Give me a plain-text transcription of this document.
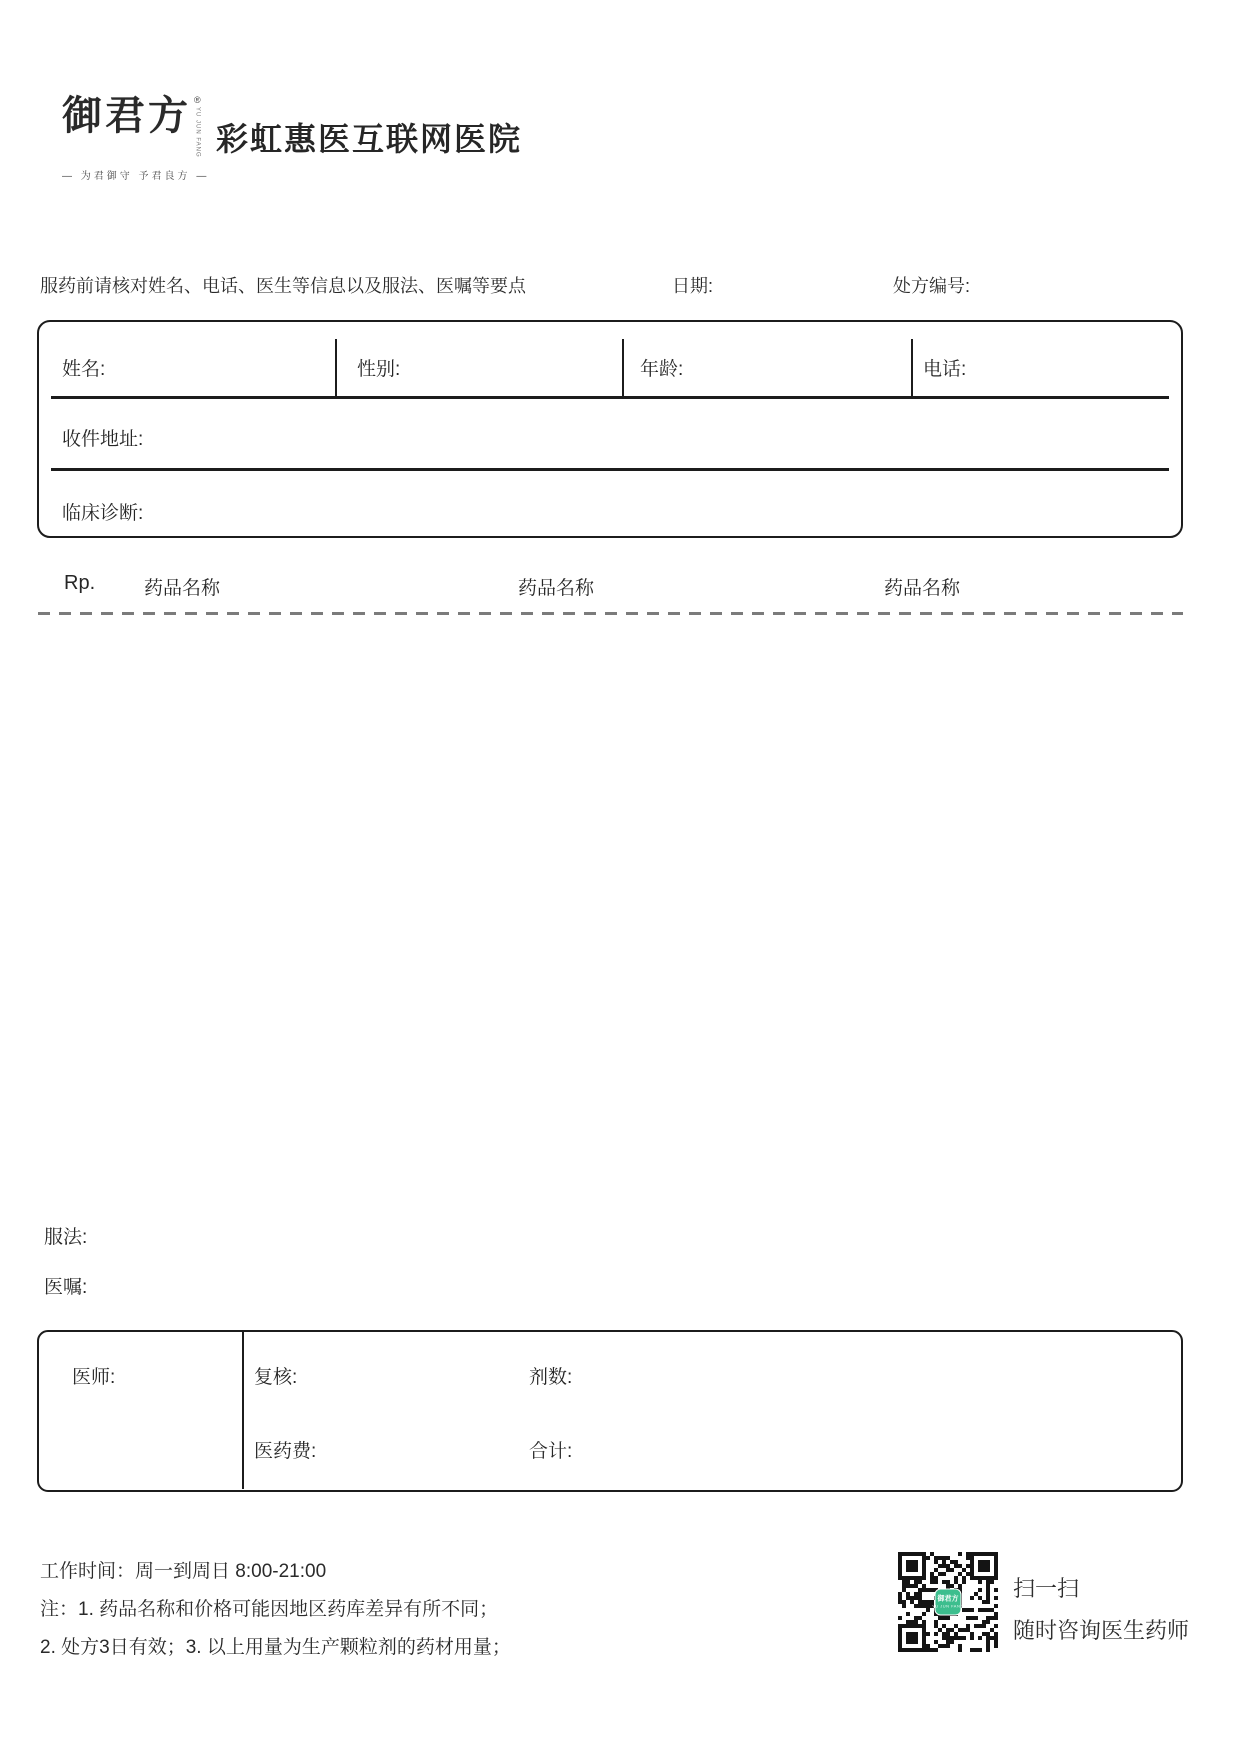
御君方 ®
YU JUN FANG
— 为君御守 予君良方 —
彩虹惠医互联网医院
服药前请核对姓名、电话、医生等信息以及服法、医嘱等要点	日期:	处方编号:
姓名:	性别:	年龄:	电话:
收件地址:
临床诊断:
Rp.	药品名称	药品名称	药品名称
服法:
医嘱:
医师:	复核:	剂数:
医药费:	合计:
工作时间：周一到周日 8:00-21:00
注：1. 药品名称和价格可能因地区药库差异有所不同；
2. 处方3日有效；3. 以上用量为生产颗粒剂的药材用量；
御君方
YU JUN FANG
扫一扫
随时咨询医生药师
